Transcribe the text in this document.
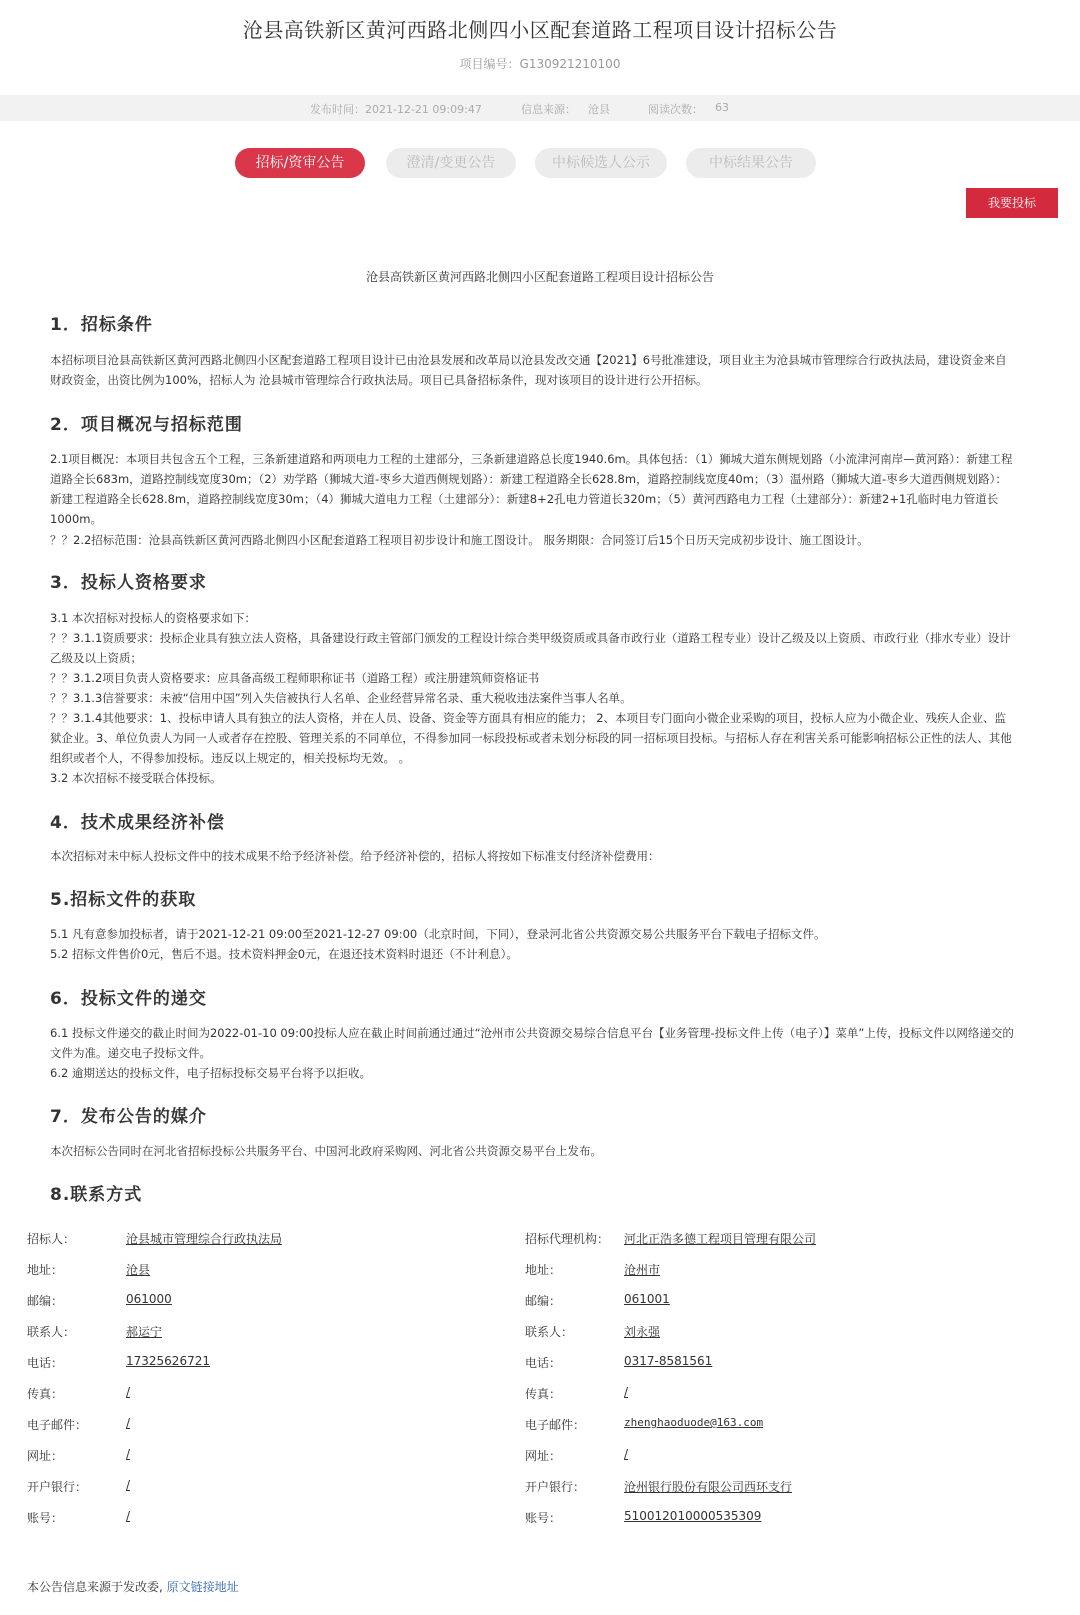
沧县高铁新区黄河西路北侧四小区配套道路工程项目设计招标公告
项目编号：G130921210100
发布时间：2021-12-21 09:09:47	信息来源： 沧县	阅读次数： 63
招标/资审公告	澄清/变更公告	中标候选人公示	中标结果公告
我要投标
沧县高铁新区黄河西路北侧四小区配套道路工程项目设计招标公告
1．招标条件
本招标项目沧县高铁新区黄河西路北侧四小区配套道路工程项目设计已由沧县发展和改革局以沧县发改交通【2021】6号批准建设，项目业主为沧县城市管理综合行政执法局，建设资金来自财政资金，出资比例为100%，招标人为 沧县城市管理综合行政执法局。项目已具备招标条件，现对该项目的设计进行公开招标。
2．项目概况与招标范围
2.1项目概况：本项目共包含五个工程，三条新建道路和两项电力工程的土建部分，三条新建道路总长度1940.6m。具体包括：（1）狮城大道东侧规划路（小流津河南岸—黄河路）：新建工程道路全长683m，道路控制线宽度30m；（2）劝学路（狮城大道-枣乡大道西侧规划路）：新建工程道路全长628.8m，道路控制线宽度40m；（3）温州路（狮城大道-枣乡大道西侧规划路）：新建工程道路全长628.8m，道路控制线宽度30m；（4）狮城大道电力工程（土建部分）：新建8+2孔电力管道长320m；（5）黄河西路电力工程（土建部分）：新建2+1孔临时电力管道长1000m。
？？2.2招标范围：沧县高铁新区黄河西路北侧四小区配套道路工程项目初步设计和施工图设计。 服务期限：合同签订后15个日历天完成初步设计、施工图设计。
3．投标人资格要求
3.1 本次招标对投标人的资格要求如下：
？？3.1.1资质要求：投标企业具有独立法人资格，具备建设行政主管部门颁发的工程设计综合类甲级资质或具备市政行业（道路工程专业）设计乙级及以上资质、市政行业（排水专业）设计乙级及以上资质；
？？3.1.2项目负责人资格要求：应具备高级工程师职称证书（道路工程）或注册建筑师资格证书
？？3.1.3信誉要求：未被“信用中国”列入失信被执行人名单、企业经营异常名录、重大税收违法案件当事人名单。
？？3.1.4其他要求：1、投标申请人具有独立的法人资格，并在人员、设备、资金等方面具有相应的能力； 2、本项目专门面向小微企业采购的项目，投标人应为小微企业、残疾人企业、监狱企业。3、单位负责人为同一人或者存在控股、管理关系的不同单位，不得参加同一标段投标或者未划分标段的同一招标项目投标。与招标人存在利害关系可能影响招标公正性的法人、其他组织或者个人，不得参加投标。违反以上规定的，相关投标均无效。 。
3.2 本次招标不接受联合体投标。
4．技术成果经济补偿
本次招标对未中标人投标文件中的技术成果不给予经济补偿。给予经济补偿的，招标人将按如下标准支付经济补偿费用：
5.招标文件的获取
5.1 凡有意参加投标者，请于2021-12-21 09:00至2021-12-27 09:00（北京时间，下同），登录河北省公共资源交易公共服务平台下载电子招标文件。
5.2 招标文件售价0元，售后不退。技术资料押金0元，在退还技术资料时退还（不计利息）。
6．投标文件的递交
6.1 投标文件递交的截止时间为2022-01-10 09:00投标人应在截止时间前通过通过“沧州市公共资源交易综合信息平台【业务管理-投标文件上传（电子）】菜单”上传，投标文件以网络递交的文件为准。递交电子投标文件。
6.2 逾期送达的投标文件，电子招标投标交易平台将予以拒收。
7．发布公告的媒介
本次招标公告同时在河北省招标投标公共服务平台、中国河北政府采购网、河北省公共资源交易平台上发布。
8.联系方式
招标人：	沧县城市管理综合行政执法局
地址：	沧县
邮编：	061000
联系人：	郝运宁
电话：	17325626721
传真：	/
电子邮件：	/
网址：	/
开户银行：	/
账号：	/
招标代理机构： 河北正浩多德工程项目管理有限公司
地址：	沧州市
邮编：	061001
联系人：	刘永强
电话：	0317-8581561
传真：	/
电子邮件：	zhenghaoduode@163.com
网址：	/
开户银行：	沧州银行股份有限公司西环支行
账号：	510012010000535309
本公告信息来源于发改委, 原文链接地址
